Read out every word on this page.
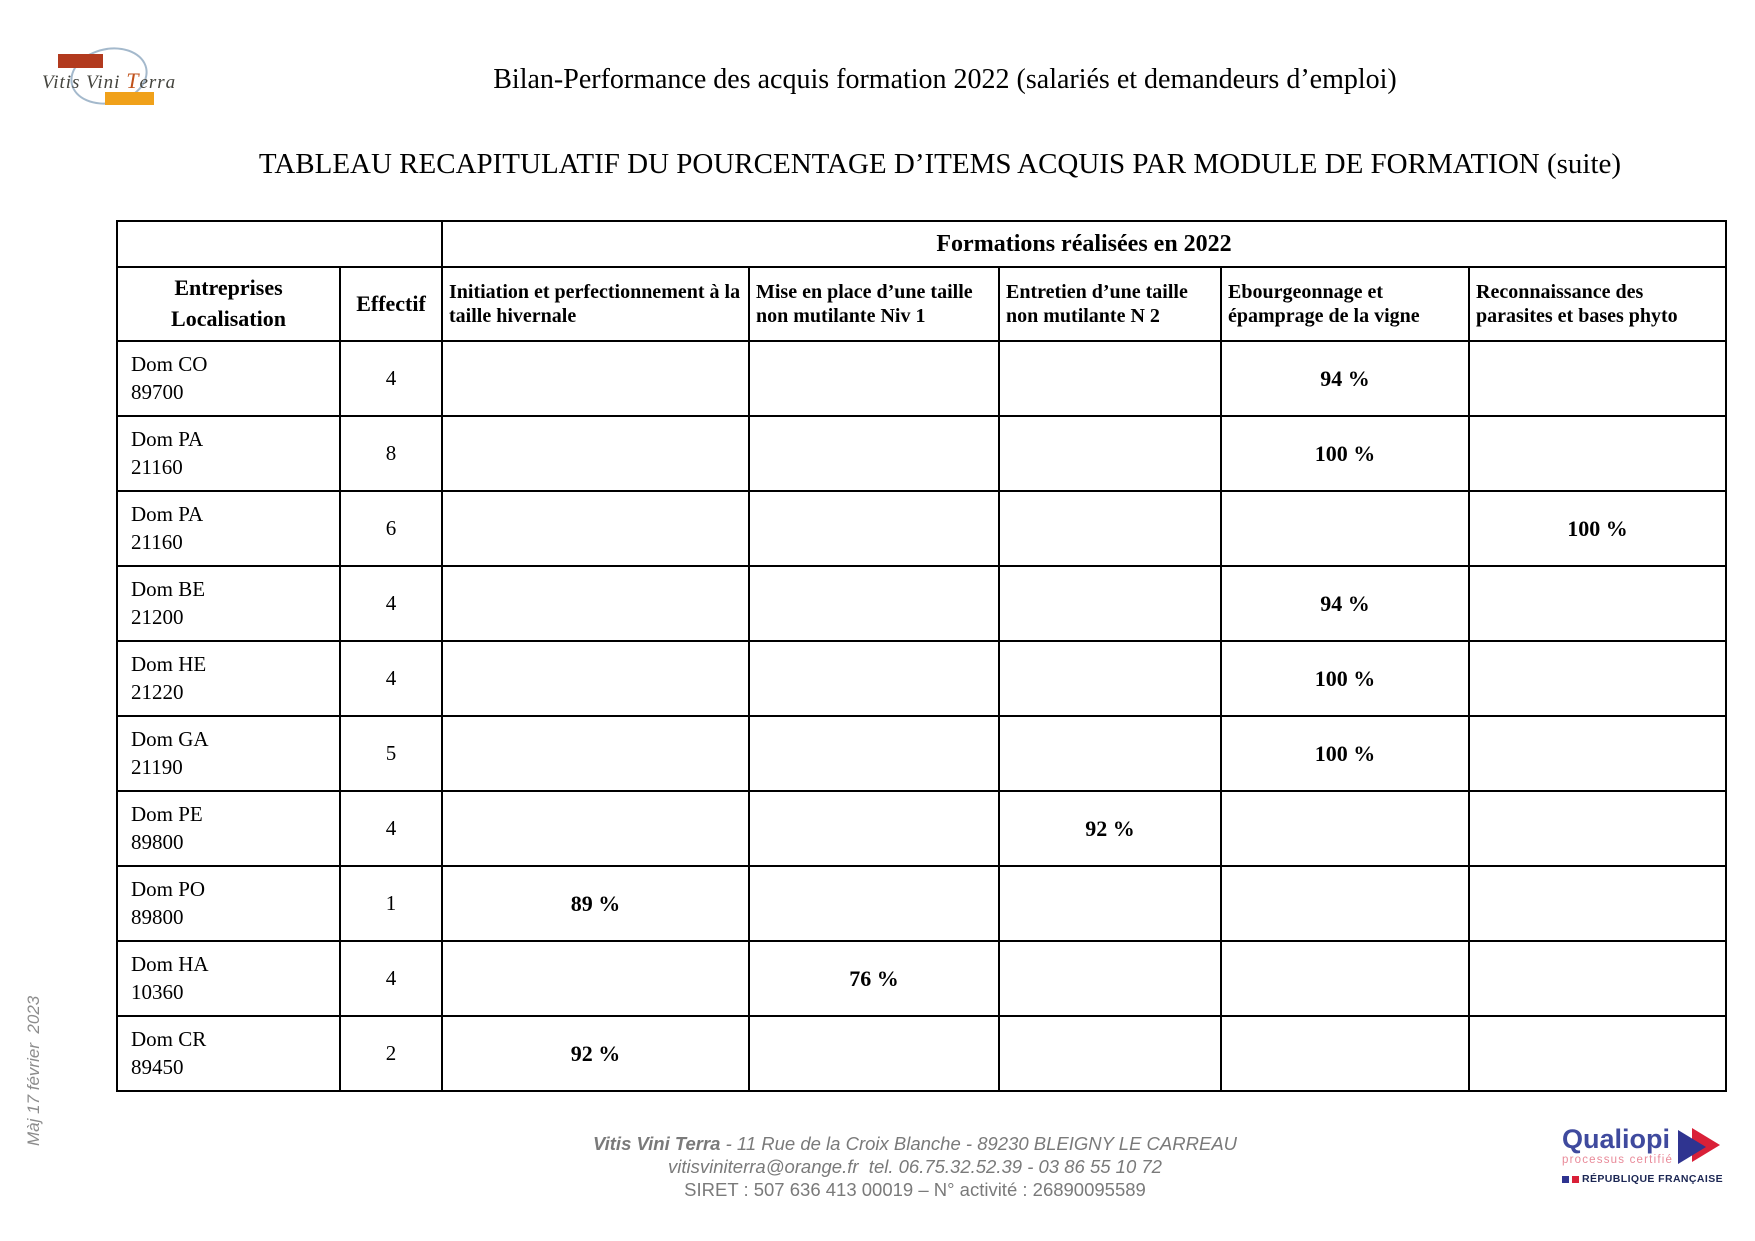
Vitis Vini Terra	Bilan-Performance des acquis formation 2022 (salariés et demandeurs d’emploi)
TABLEAU RECAPITULATIF DU POURCENTAGE D’ITEMS ACQUIS PAR MODULE DE FORMATION (suite)
		Formations réalisées en 2022				

Entreprises
Localisation	Effectif	Initiation et perfectionnement à la taille hivernale	Mise en place d’une taille non mutilante Niv 1	Entretien d’une taille non mutilante N 2	Ebourgeonnage et épamprage de la vigne	Reconnaissance des parasites et bases phyto

Dom CO
89700	4				94 %	

Dom PA
21160	8				100 %	

Dom PA
21160	6					100 %

Dom BE
21200	4				94 %	

Dom HE
21220	4				100 %	

Dom GA
21190	5				100 %	

Dom PE
89800	4			92 %		

Dom PO
89800	1	89 %				

Dom HA
10360	4		76 %			

Dom CR
89450	2	92 %				
Màj 17 février  2023	Vitis Vini Terra - 11 Rue de la Croix Blanche - 89230 BLEIGNY LE CARREAU
vitisviniterra@orange.fr  tel. 06.75.32.52.39 - 03 86 55 10 72
SIRET : 507 636 413 00019 – N° activité : 26890095589
Qualiopi
processus certifié
RÉPUBLIQUE FRANÇAISE
